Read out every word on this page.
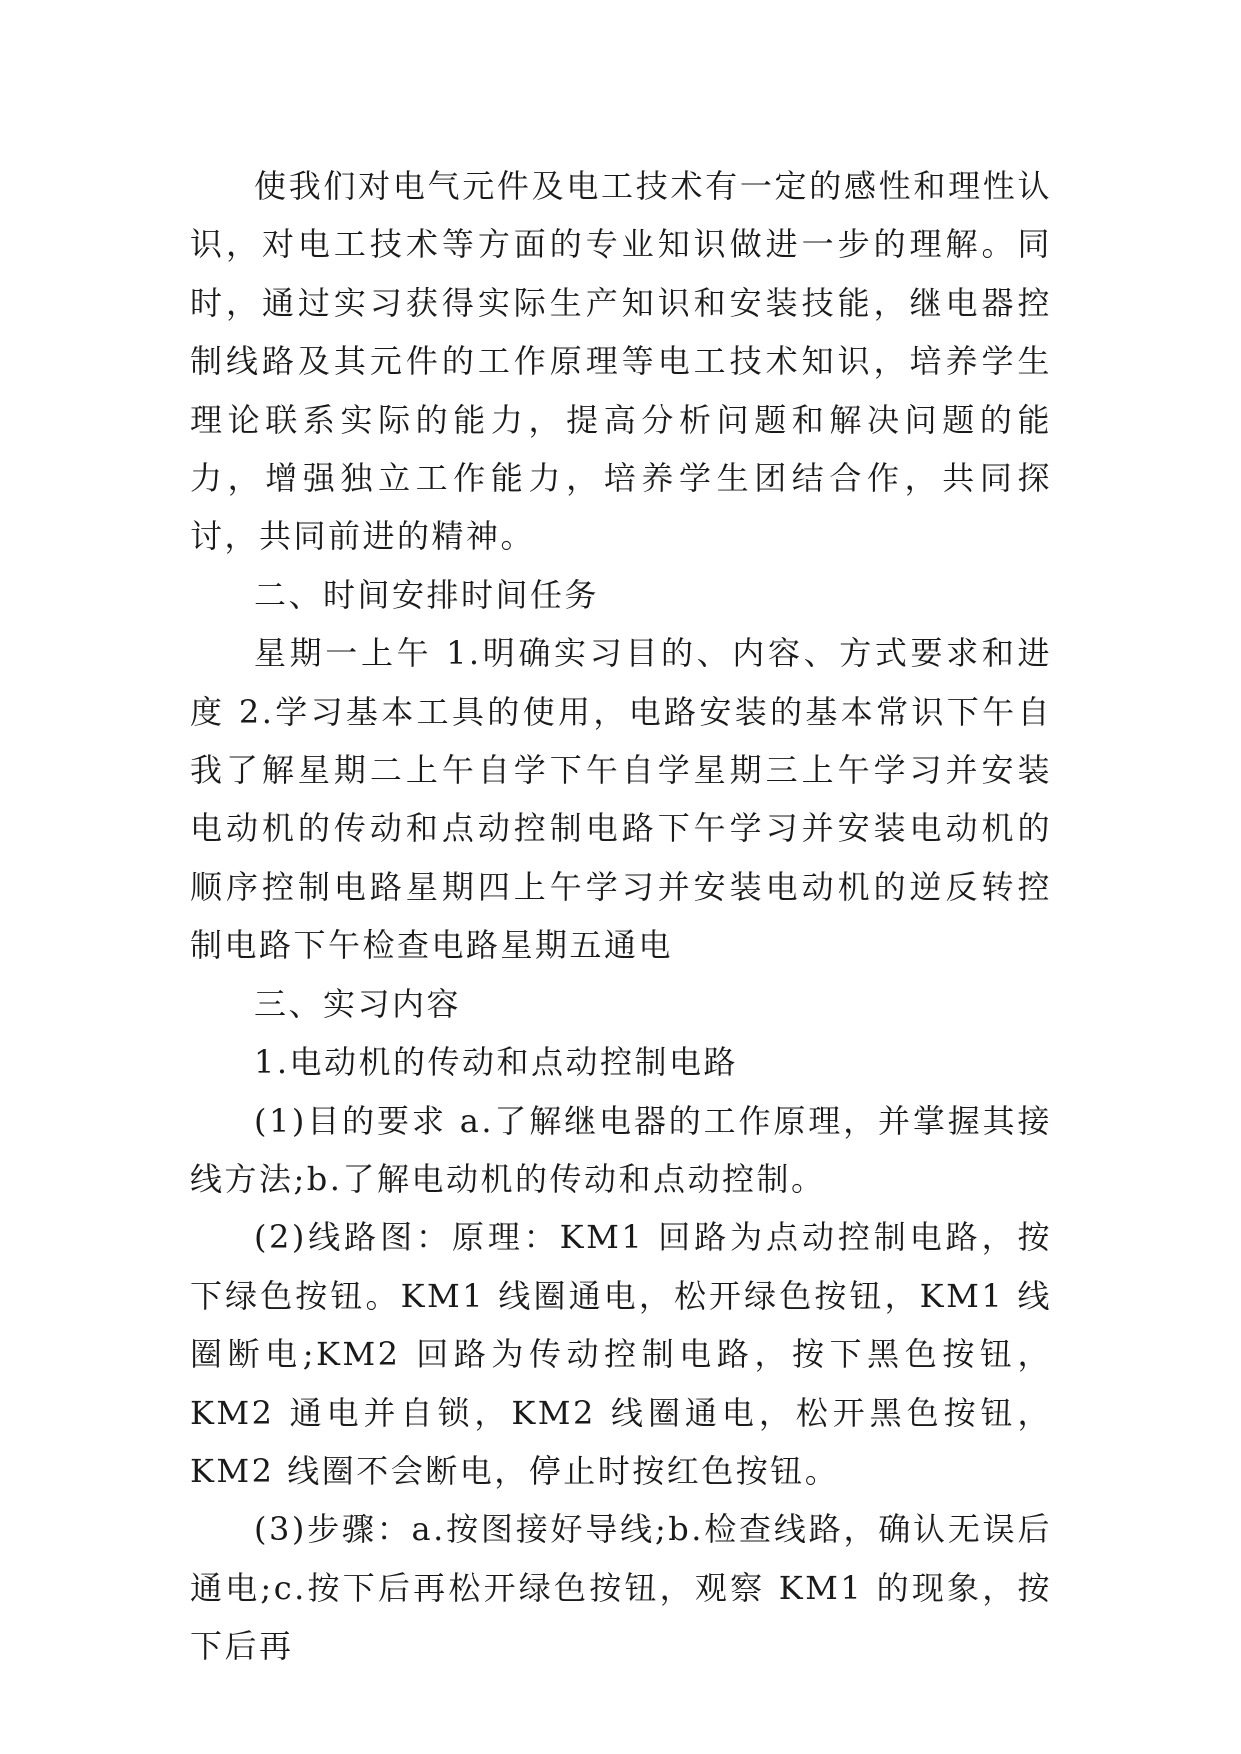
使我们对电气元件及电工技术有一定的感性和理性认识，对电工技术等方面的专业知识做进一步的理解。同时，通过实习获得实际生产知识和安装技能，继电器控制线路及其元件的工作原理等电工技术知识，培养学生理论联系实际的能力，提高分析问题和解决问题的能力，增强独立工作能力，培养学生团结合作，共同探讨，共同前进的精神。

二、时间安排时间任务

星期一上午 1.明确实习目的、内容、方式要求和进度 2.学习基本工具的使用，电路安装的基本常识下午自我了解星期二上午自学下午自学星期三上午学习并安装电动机的传动和点动控制电路下午学习并安装电动机的顺序控制电路星期四上午学习并安装电动机的逆反转控制电路下午检查电路星期五通电

三、实习内容

1.电动机的传动和点动控制电路

(1)目的要求 a.了解继电器的工作原理，并掌握其接线方法;b.了解电动机的传动和点动控制。

(2)线路图：原理：KM1 回路为点动控制电路，按下绿色按钮。KM1 线圈通电，松开绿色按钮，KM1 线圈断电;KM2 回路为传动控制电路，按下黑色按钮，KM2 通电并自锁，KM2 线圈通电，松开黑色按钮，KM2 线圈不会断电，停止时按红色按钮。

(3)步骤：a.按图接好导线;b.检查线路，确认无误后通电;c.按下后再松开绿色按钮，观察 KM1 的现象，按下后再
